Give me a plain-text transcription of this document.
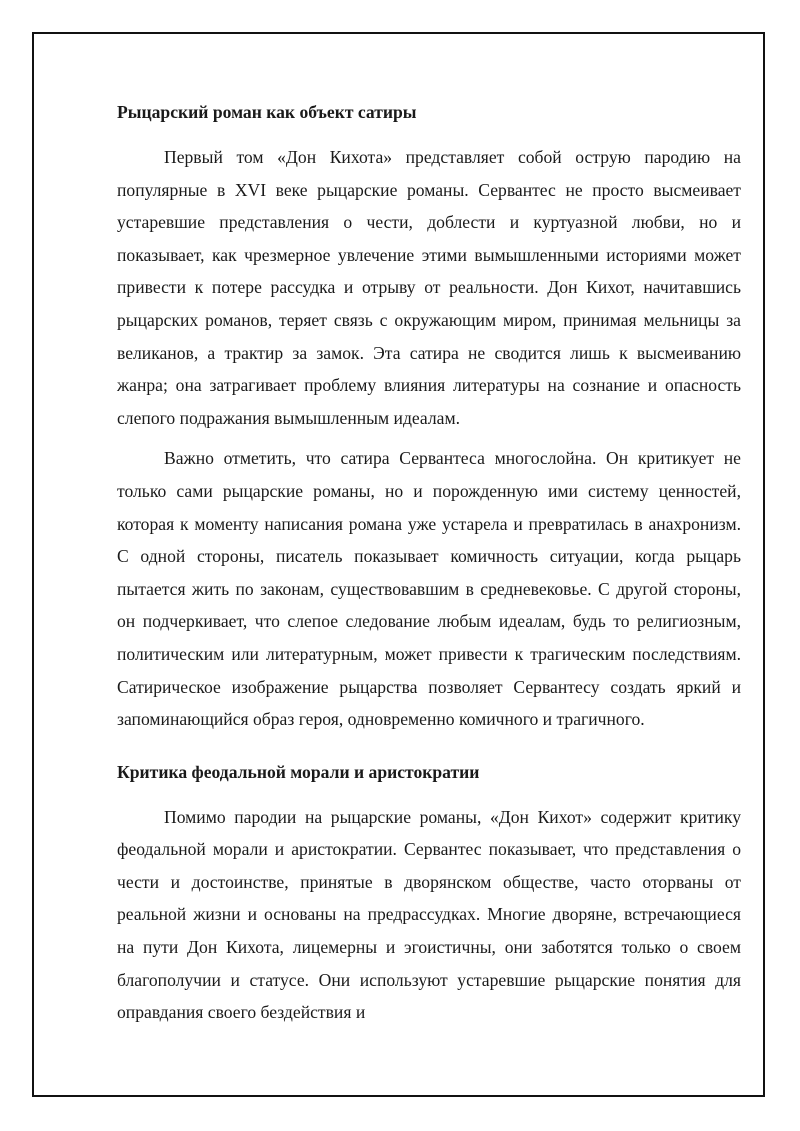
Рыцарский роман как объект сатиры

Первый том «Дон Кихота» представляет собой острую пародию на популярные в XVI веке рыцарские романы. Сервантес не просто высмеивает устаревшие представления о чести, доблести и куртуазной любви, но и показывает, как чрезмерное увлечение этими вымышленными историями может привести к потере рассудка и отрыву от реальности. Дон Кихот, начитавшись рыцарских романов, теряет связь с окружающим миром, принимая мельницы за великанов, а трактир за замок. Эта сатира не сводится лишь к высмеиванию жанра; она затрагивает проблему влияния литературы на сознание и опасность слепого подражания вымышленным идеалам.

Важно отметить, что сатира Сервантеса многослойна. Он критикует не только сами рыцарские романы, но и порожденную ими систему ценностей, которая к моменту написания романа уже устарела и превратилась в анахронизм. С одной стороны, писатель показывает комичность ситуации, когда рыцарь пытается жить по законам, существовавшим в средневековье. С другой стороны, он подчеркивает, что слепое следование любым идеалам, будь то религиозным, политическим или литературным, может привести к трагическим последствиям. Сатирическое изображение рыцарства позволяет Сервантесу создать яркий и запоминающийся образ героя, одновременно комичного и трагичного.

Критика феодальной морали и аристократии

Помимо пародии на рыцарские романы, «Дон Кихот» содержит критику феодальной морали и аристократии. Сервантес показывает, что представления о чести и достоинстве, принятые в дворянском обществе, часто оторваны от реальной жизни и основаны на предрассудках. Многие дворяне, встречающиеся на пути Дон Кихота, лицемерны и эгоистичны, они заботятся только о своем благополучии и статусе. Они используют устаревшие рыцарские понятия для оправдания своего бездействия и
